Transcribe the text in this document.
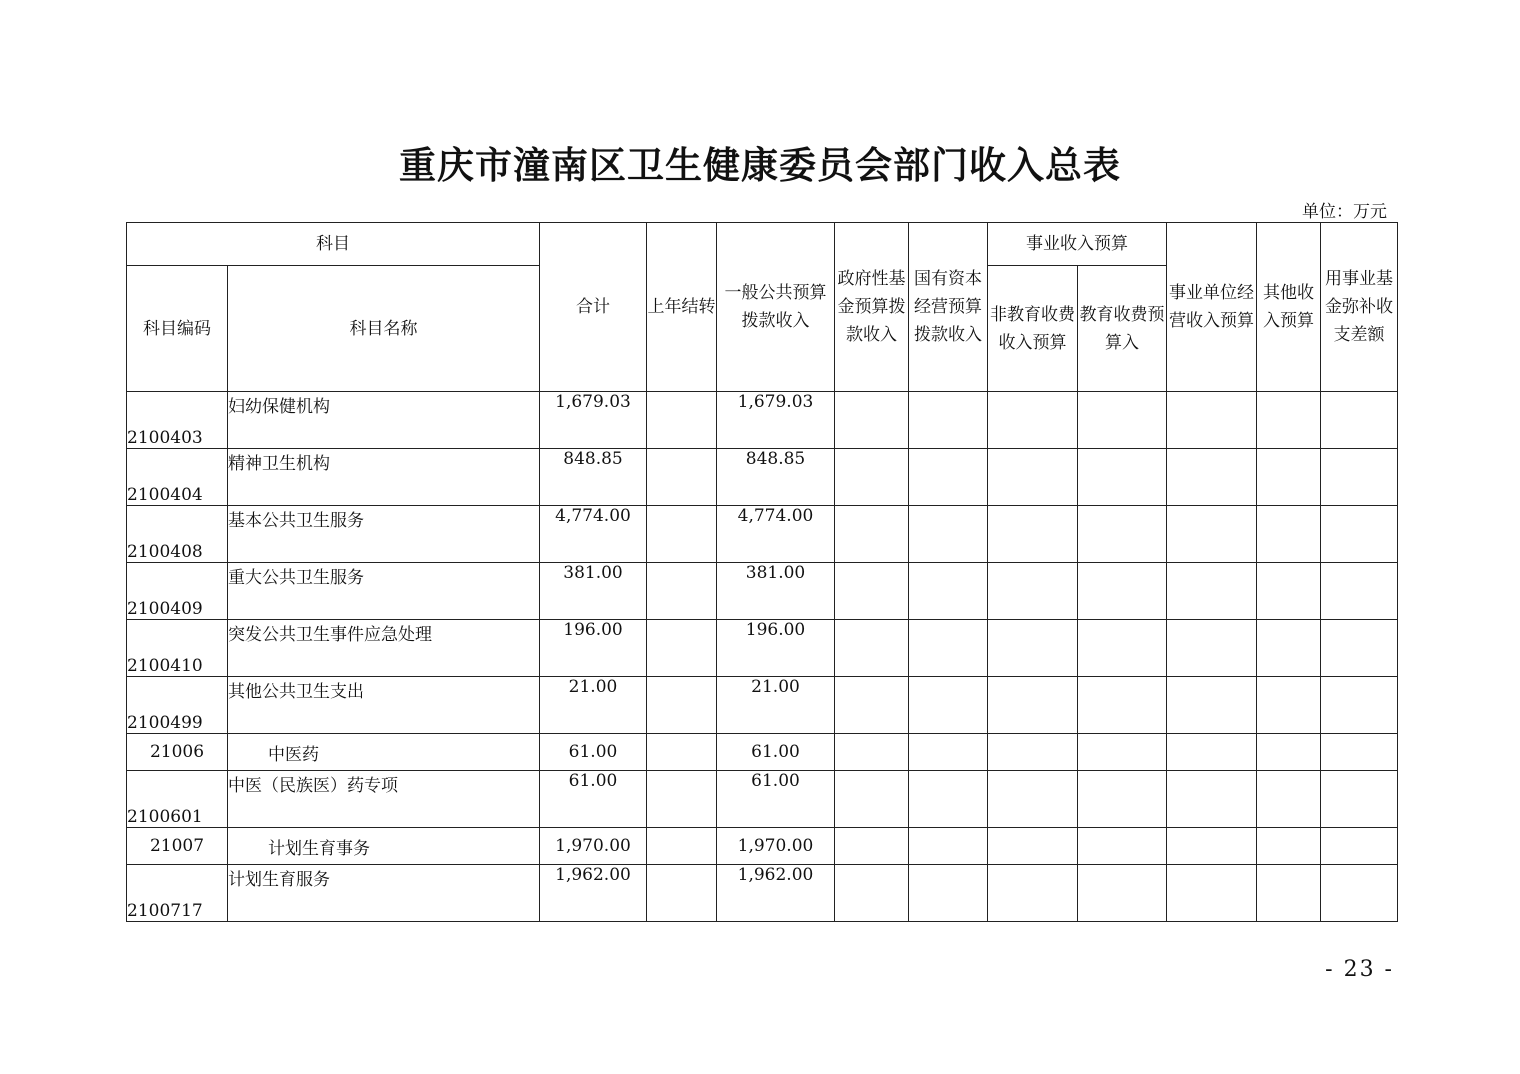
重庆市潼南区卫生健康委员会部门收入总表
单位：万元
科目		合计	上年结转	一般公共预算拨款收入	政府性基金预算拨款收入	国有资本经营预算拨款收入	事业收入预算		事业单位经营收入预算	其他收入预算	用事业基金弥补收支差额
科目编码	科目名称						非教育收费收入预算	教育收费预算入			
2100403	妇幼保健机构	1,679.03		1,679.03							
2100404	精神卫生机构	848.85		848.85							
2100408	基本公共卫生服务	4,774.00		4,774.00							
2100409	重大公共卫生服务	381.00		381.00							
2100410	突发公共卫生事件应急处理	196.00		196.00							
2100499	其他公共卫生支出	21.00		21.00							
21006	中医药	61.00		61.00							
2100601	中医（民族医）药专项	61.00		61.00							
21007	计划生育事务	1,970.00		1,970.00							
2100717	计划生育服务	1,962.00		1,962.00							
- 23 -
